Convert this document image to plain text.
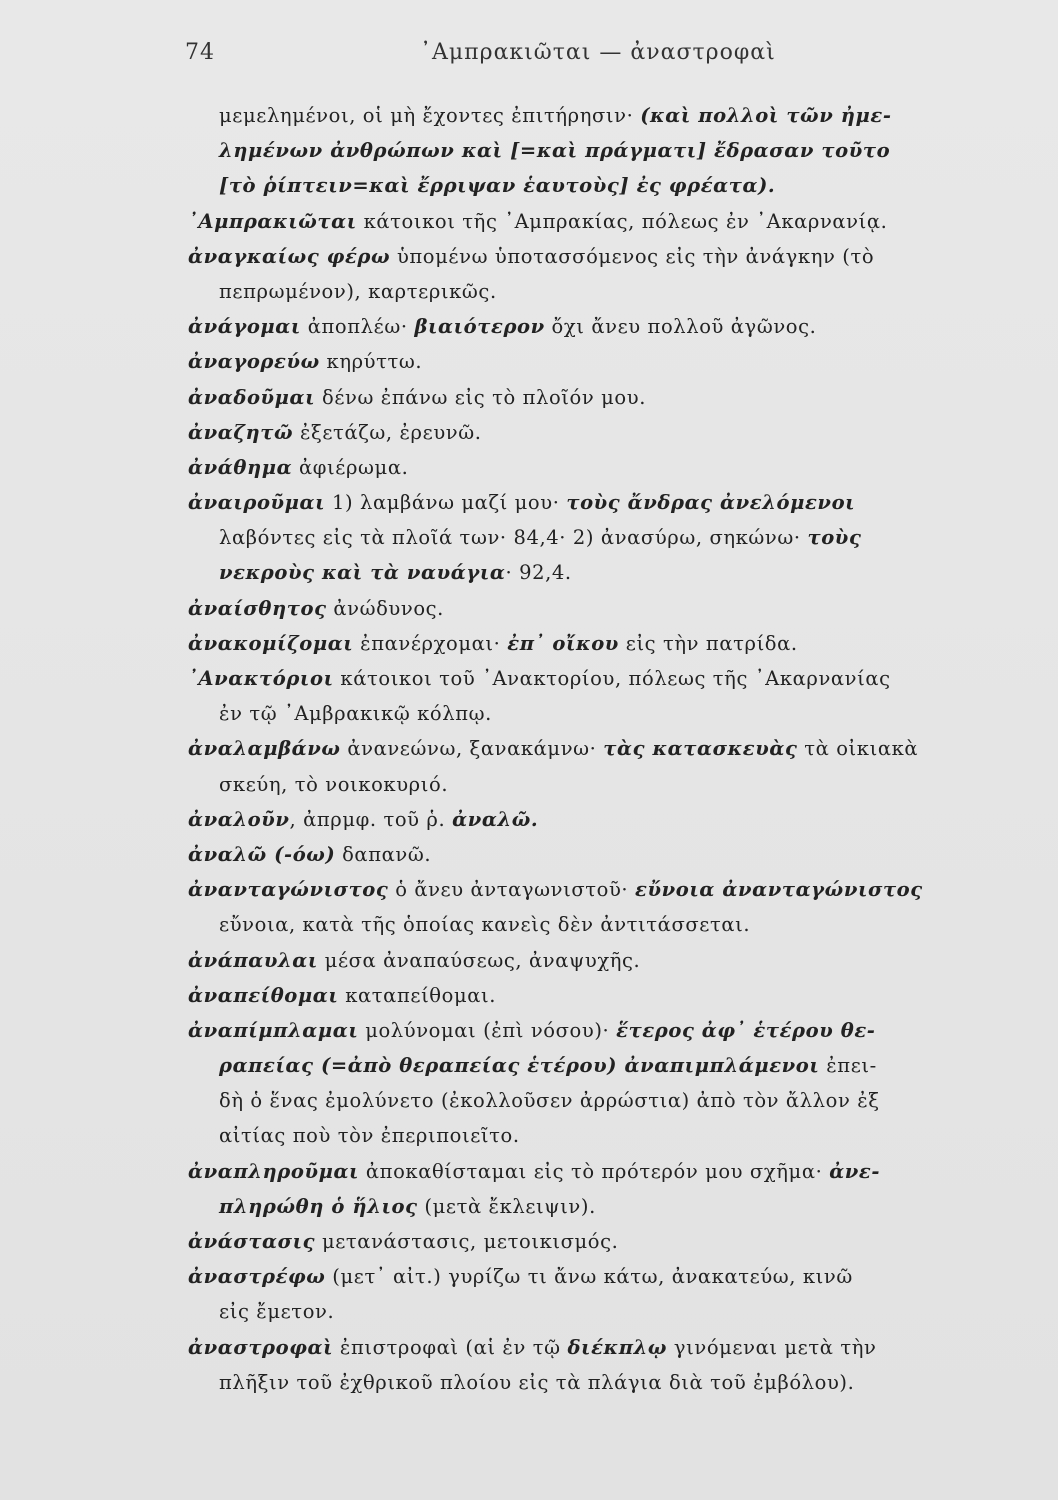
74	᾿Αμπρακιῶται — ἀναστροφαὶ
μεμελημένοι, οἱ μὴ ἔχοντες ἐπιτήρησιν· (καὶ πολλοὶ τῶν ἠμε-
λημένων ἀνθρώπων καὶ [=καὶ πράγματι] ἔδρασαν τοῦτο
[τὸ ῥίπτειν=καὶ ἔρριψαν ἑαυτοὺς] ἐς φρέατα).
᾿Αμπρακιῶται κάτοικοι τῆς ᾿Αμπρακίας, πόλεως ἐν ᾿Ακαρνανίᾳ.
ἀναγκαίως φέρω ὑπομένω ὑποτασσόμενος εἰς τὴν ἀνάγκην (τὸ
πεπρωμένον), καρτερικῶς.
ἀνάγομαι ἀποπλέω· βιαιότερον ὄχι ἄνευ πολλοῦ ἀγῶνος.
ἀναγορεύω κηρύττω.
ἀναδοῦμαι δένω ἐπάνω εἰς τὸ πλοῖόν μου.
ἀναζητῶ ἐξετάζω, ἐρευνῶ.
ἀνάθημα ἀφιέρωμα.
ἀναιροῦμαι 1) λαμβάνω μαζί μου· τοὺς ἄνδρας ἀνελόμενοι
λαβόντες εἰς τὰ πλοῖά των· 84,4· 2) ἀνασύρω, σηκώνω· τοὺς
νεκροὺς καὶ τὰ ναυάγια· 92,4.
ἀναίσθητος ἀνώδυνος.
ἀνακομίζομαι ἐπανέρχομαι· ἐπ᾿ οἴκου εἰς τὴν πατρίδα.
᾿Ανακτόριοι κάτοικοι τοῦ ᾿Ανακτορίου, πόλεως τῆς ᾿Ακαρνανίας
ἐν τῷ ᾿Αμβρακικῷ κόλπῳ.
ἀναλαμβάνω ἀνανεώνω, ξανακάμνω· τὰς κατασκευὰς τὰ οἰκιακὰ
σκεύη, τὸ νοικοκυριό.
ἀναλοῦν, ἀπρμφ. τοῦ ῥ. ἀναλῶ.
ἀναλῶ (-όω) δαπανῶ.
ἀνανταγώνιστος ὁ ἄνευ ἀνταγωνιστοῦ· εὔνοια ἀνανταγώνιστος
εὔνοια, κατὰ τῆς ὁποίας κανεὶς δὲν ἀντιτάσσεται.
ἀνάπαυλαι μέσα ἀναπαύσεως, ἀναψυχῆς.
ἀναπείθομαι καταπείθομαι.
ἀναπίμπλαμαι μολύνομαι (ἐπὶ νόσου)· ἕτερος ἀφ᾿ ἑτέρου θε-
ραπείας (=ἀπὸ θεραπείας ἑτέρου) ἀναπιμπλάμενοι ἐπει-
δὴ ὁ ἕνας ἐμολύνετο (ἐκολλοῦσεν ἀρρώστια) ἀπὸ τὸν ἄλλον ἐξ
αἰτίας ποὺ τὸν ἐπεριποιεῖτο.
ἀναπληροῦμαι ἀποκαθίσταμαι εἰς τὸ πρότερόν μου σχῆμα· ἀνε-
πληρώθη ὁ ἥλιος (μετὰ ἔκλειψιν).
ἀνάστασις μετανάστασις, μετοικισμός.
ἀναστρέφω (μετ᾿ αἰτ.) γυρίζω τι ἄνω κάτω, ἀνακατεύω, κινῶ
εἰς ἔμετον.
ἀναστροφαὶ ἐπιστροφαὶ (αἱ ἐν τῷ διέκπλῳ γινόμεναι μετὰ τὴν
πλῆξιν τοῦ ἐχθρικοῦ πλοίου εἰς τὰ πλάγια διὰ τοῦ ἐμβόλου).
